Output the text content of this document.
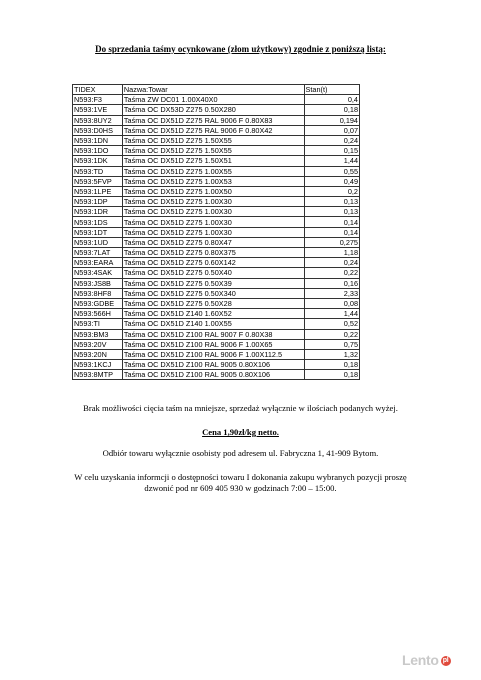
Do sprzedania taśmy ocynkowane (złom użytkowy) zgodnie z poniższą listą:
TIDEX	Nazwa:Towar	Stan(t)
N593:F3	Taśma ZW DC01 1.00X40X0	0,4
N593:1VE	Taśma OC DX53D Z275 0.50X280	0,18
N593:8UY2	Taśma OC DX51D Z275 RAL 9006 F 0.80X83	0,194
N593:D0HS	Taśma OC DX51D Z275 RAL 9006 F 0.80X42	0,07
N593:1DN	Taśma OC DX51D Z275 1.50X55	0,24
N593:1DO	Taśma OC DX51D Z275 1.50X55	0,15
N593:1DK	Taśma OC DX51D Z275 1.50X51	1,44
N593:TD	Taśma OC DX51D Z275 1.00X55	0,55
N593:5FVP	Taśma OC DX51D Z275 1.00X53	0,49
N593:1LPE	Taśma OC DX51D Z275 1.00X50	0,2
N593:1DP	Taśma OC DX51D Z275 1.00X30	0,13
N593:1DR	Taśma OC DX51D Z275 1.00X30	0,13
N593:1DS	Taśma OC DX51D Z275 1.00X30	0,14
N593:1DT	Taśma OC DX51D Z275 1.00X30	0,14
N593:1UD	Taśma OC DX51D Z275 0.80X47	0,275
N593:7LAT	Taśma OC DX51D Z275 0.80X375	1,18
N593:EARA	Taśma OC DX51D Z275 0.60X142	0,24
N593:4SAK	Taśma OC DX51D Z275 0.50X40	0,22
N593:JS8B	Taśma OC DX51D Z275 0.50X39	0,16
N593:8HF8	Taśma OC DX51D Z275 0.50X340	2,33
N593:GDBE	Taśma OC DX51D Z275 0.50X28	0,08
N593:566H	Taśma OC DX51D Z140 1.60X52	1,44
N593:TI	Taśma OC DX51D Z140 1.00X55	0,52
N593:BM3	Taśma OC DX51D Z100 RAL 9007 F 0.80X38	0,22
N593:20V	Taśma OC DX51D Z100 RAL 9006 F 1.00X65	0,75
N593:20N	Taśma OC DX51D Z100 RAL 9006 F 1.00X112.5	1,32
N593:1KCJ	Taśma OC DX51D Z100 RAL 9005 0.80X106	0,18
N593:8MTP	Taśma OC DX51D Z100 RAL 9005 0.80X106	0,18
Brak możliwości cięcia taśm na mniejsze, sprzedaż wyłącznie w ilościach podanych wyżej.
Cena 1,90zł/kg netto.
Odbiór towaru wyłącznie osobisty pod adresem ul. Fabryczna 1, 41-909 Bytom.
W celu uzyskania informcji o dostępności towaru I dokonania zakupu wybranych pozycji proszę
dzwonić pod nr 609 405 930 w godzinach 7:00 – 15:00.
Lento pl
